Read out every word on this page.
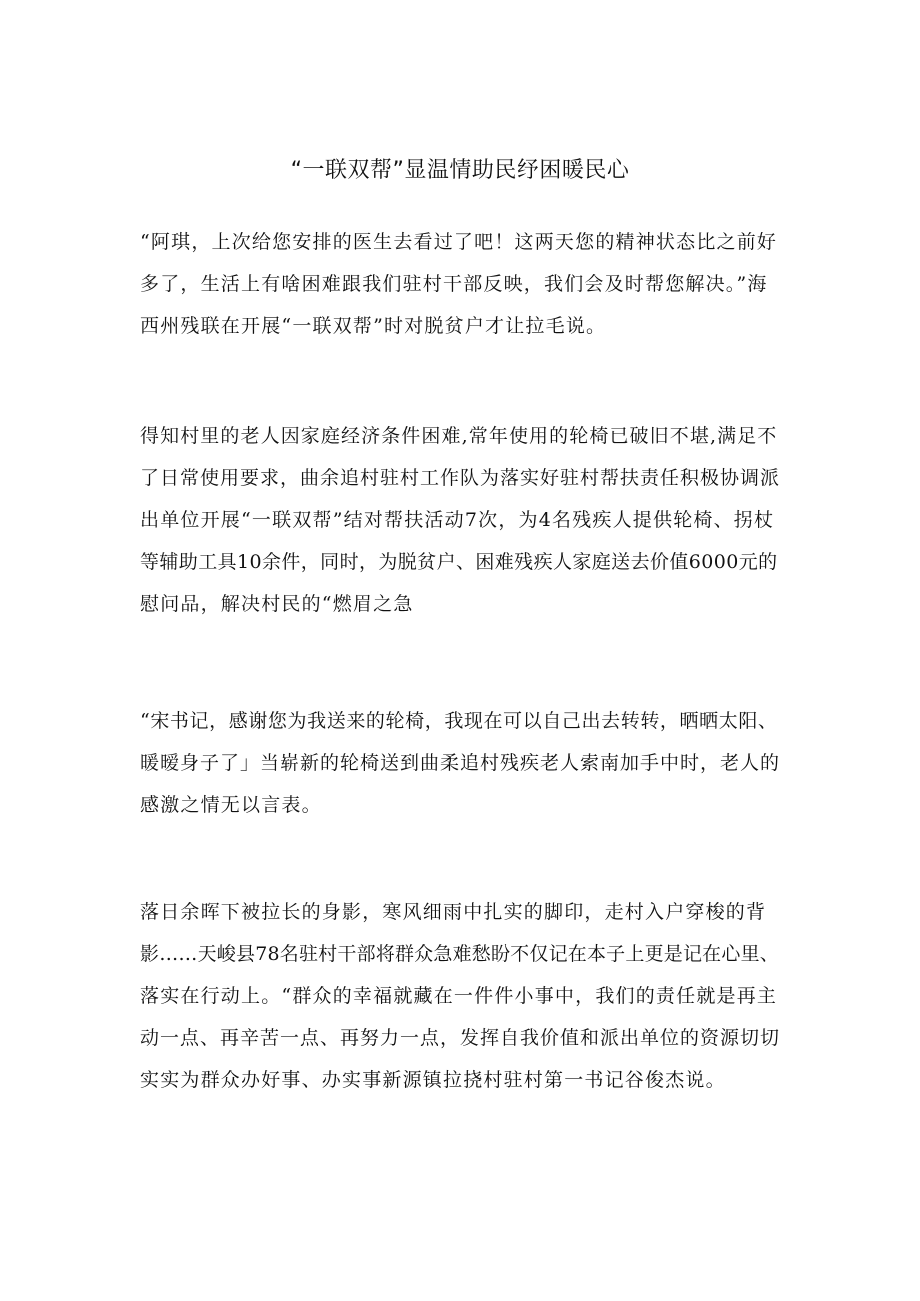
“一联双帮”显温情助民纾困暖民心
“阿琪，上次给您安排的医生去看过了吧！这两天您的精神状态比之前好
多了，生活上有啥困难跟我们驻村干部反映，我们会及时帮您解决。”海
西州残联在开展“一联双帮”时对脱贫户才让拉毛说。
得知村里的老人因家庭经济条件困难,常年使用的轮椅已破旧不堪,满足不
了日常使用要求，曲余追村驻村工作队为落实好驻村帮扶责任积极协调派
出单位开展“一联双帮”结对帮扶活动7次，为4名残疾人提供轮椅、拐杖
等辅助工具10余件，同时，为脱贫户、困难残疾人家庭送去价值6000元的
慰问品，解决村民的“燃眉之急
“宋书记，感谢您为我送来的轮椅，我现在可以自己出去转转，晒晒太阳、
暖暧身子了」当崭新的轮椅送到曲柔追村残疾老人索南加手中时，老人的
感激之情无以言表。
落日余晖下被拉长的身影，寒风细雨中扎实的脚印，走村入户穿梭的背
影……天峻县78名驻村干部将群众急难愁盼不仅记在本子上更是记在心里、
落实在行动上。“群众的幸福就藏在一件件小事中，我们的责任就是再主
动一点、再辛苦一点、再努力一点，发挥自我价值和派出单位的资源切切
实实为群众办好事、办实事新源镇拉挠村驻村第一书记谷俊杰说。
